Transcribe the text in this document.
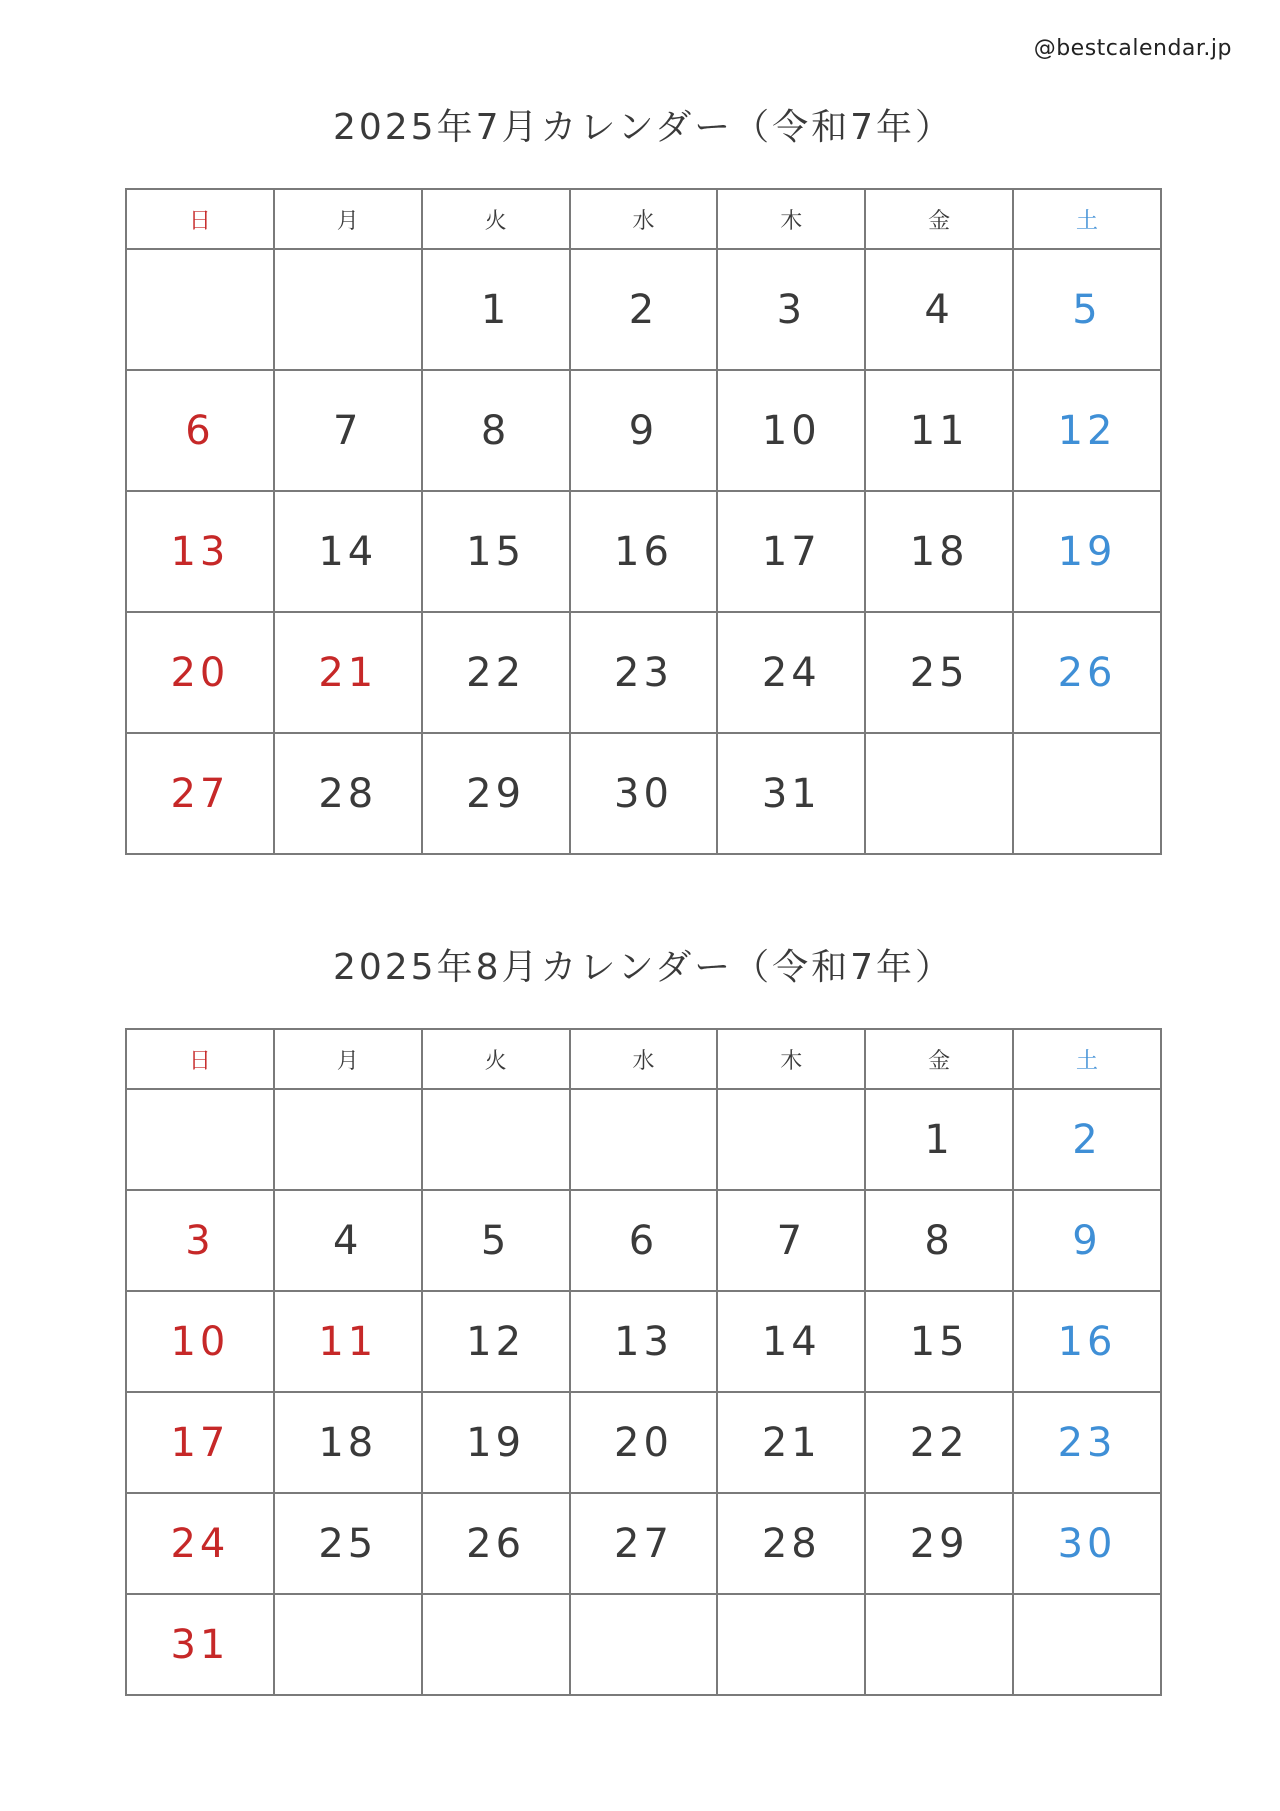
@bestcalendar.jp
2025年7月カレンダー（令和7年）
日	月	火	水	木	金	土
		1	2	3	4	5
6	7	8	9	10	11	12
13	14	15	16	17	18	19
20	21	22	23	24	25	26
27	28	29	30	31		
2025年8月カレンダー（令和7年）
日	月	火	水	木	金	土
					1	2
3	4	5	6	7	8	9
10	11	12	13	14	15	16
17	18	19	20	21	22	23
24	25	26	27	28	29	30
31						
